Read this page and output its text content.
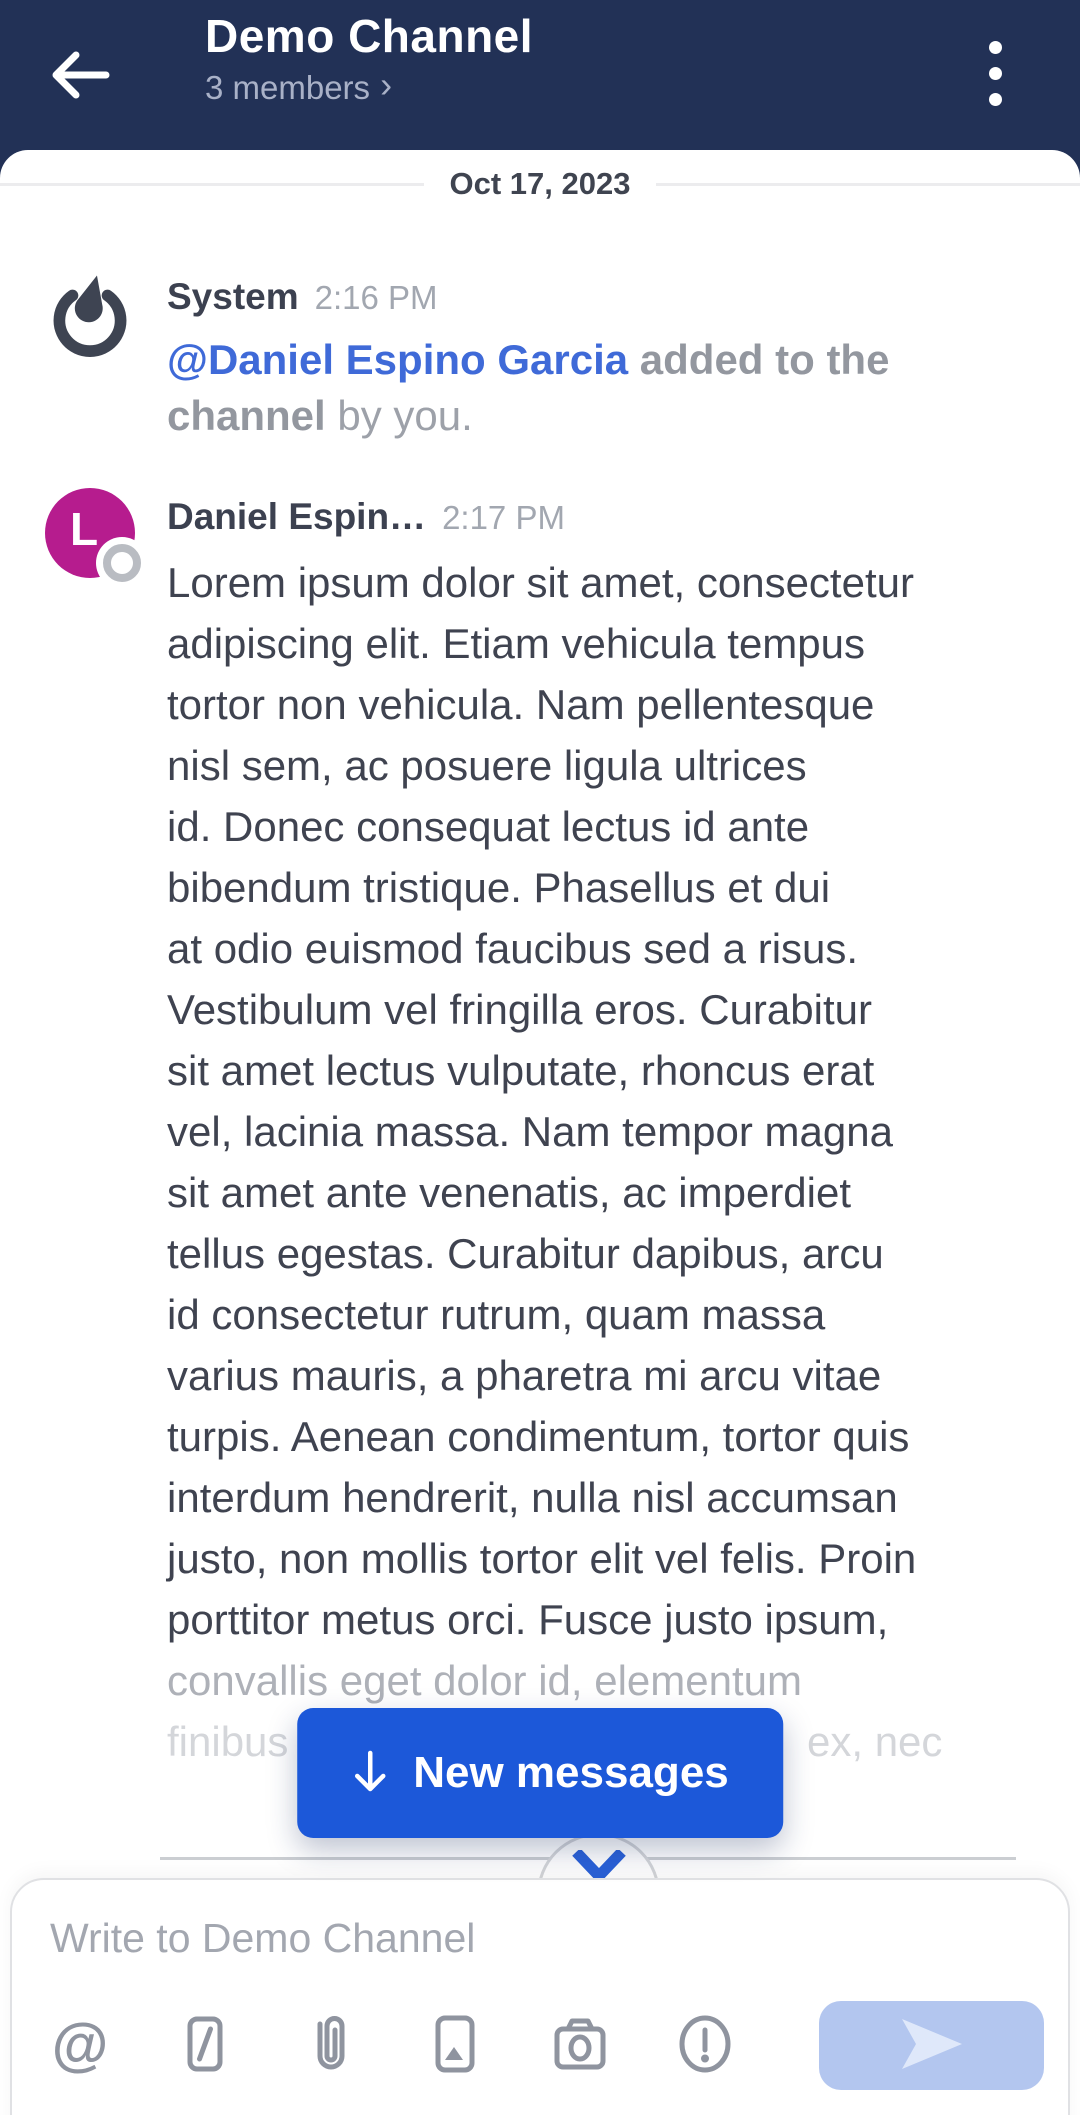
Demo Channel
3 members ›
Oct 17, 2023
System 2:16 PM
@Daniel Espino Garcia added to the
channel by you.
L Daniel Espin… 2:17 PM
Lorem ipsum dolor sit amet, consectetur
adipiscing elit. Etiam vehicula tempus
tortor non vehicula. Nam pellentesque
nisl sem, ac posuere ligula ultrices
id. Donec consequat lectus id ante
bibendum tristique. Phasellus et dui
at odio euismod faucibus sed a risus.
Vestibulum vel fringilla eros. Curabitur
sit amet lectus vulputate, rhoncus erat
vel, lacinia massa. Nam tempor magna
sit amet ante venenatis, ac imperdiet
tellus egestas. Curabitur dapibus, arcu
id consectetur rutrum, quam massa
varius mauris, a pharetra mi arcu vitae
turpis. Aenean condimentum, tortor quis
interdum hendrerit, nulla nisl accumsan
justo, non mollis tortor elit vel felis. Proin
porttitor metus orci. Fusce justo ipsum,
convallis eget dolor id, elementum
finibus	ex, nec
New messages
Write to Demo Channel
@
